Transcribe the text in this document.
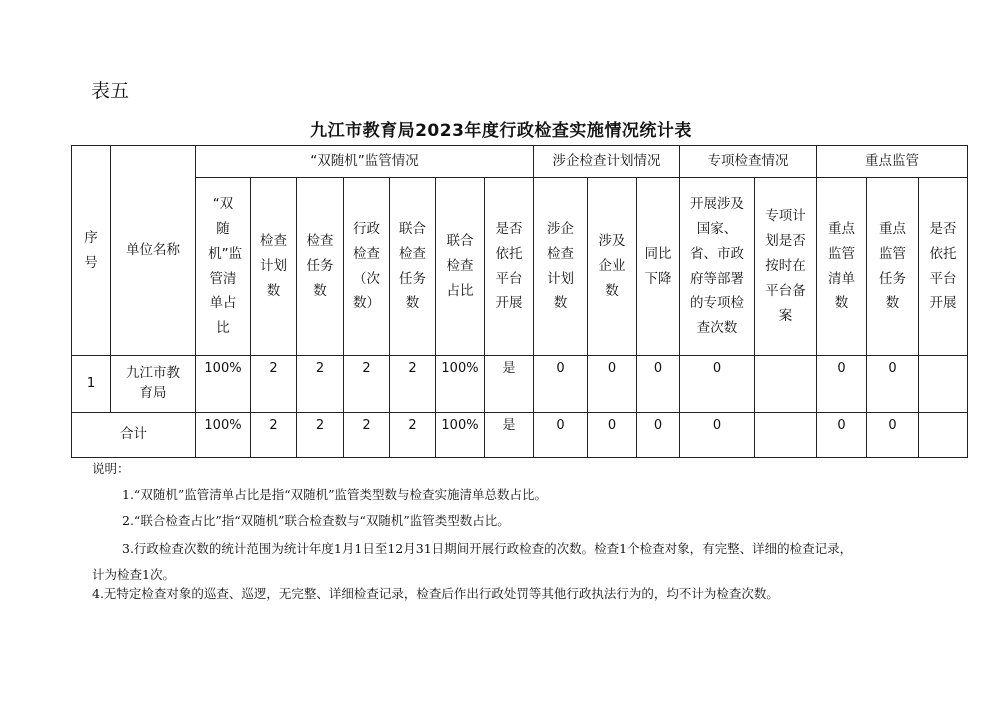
表五
九江市教育局2023年度行政检查实施情况统计表
序号	单位名称	“双随机”监管情况							涉企检查计划情况			专项检查情况		重点监管		
		“双随机”监管清单占比	检查计划数	检查任务数	行政检查（次数）	联合检查任务数	联合检查占比	是否依托平台开展	涉企检查计划数	涉及企业数	同比下降	开展涉及国家、省、市政府等部署的专项检查次数	专项计划是否按时在平台备案	重点监管清单数	重点监管任务数	是否依托平台开展
1	九江市教育局	100%	2	2	2	2	100%	是	0	0	0	0		0	0	
合计		100%	2	2	2	2	100%	是	0	0	0	0		0	0	
说明：
1.“双随机”监管清单占比是指“双随机”监管类型数与检查实施清单总数占比。
2.“联合检查占比”指“双随机”联合检查数与“双随机”监管类型数占比。
3.行政检查次数的统计范围为统计年度1月1日至12月31日期间开展行政检查的次数。检查1个检查对象，有完整、详细的检查记录，
计为检查1次。
4.无特定检查对象的巡查、巡逻，无完整、详细检查记录，检查后作出行政处罚等其他行政执法行为的，均不计为检查次数。
